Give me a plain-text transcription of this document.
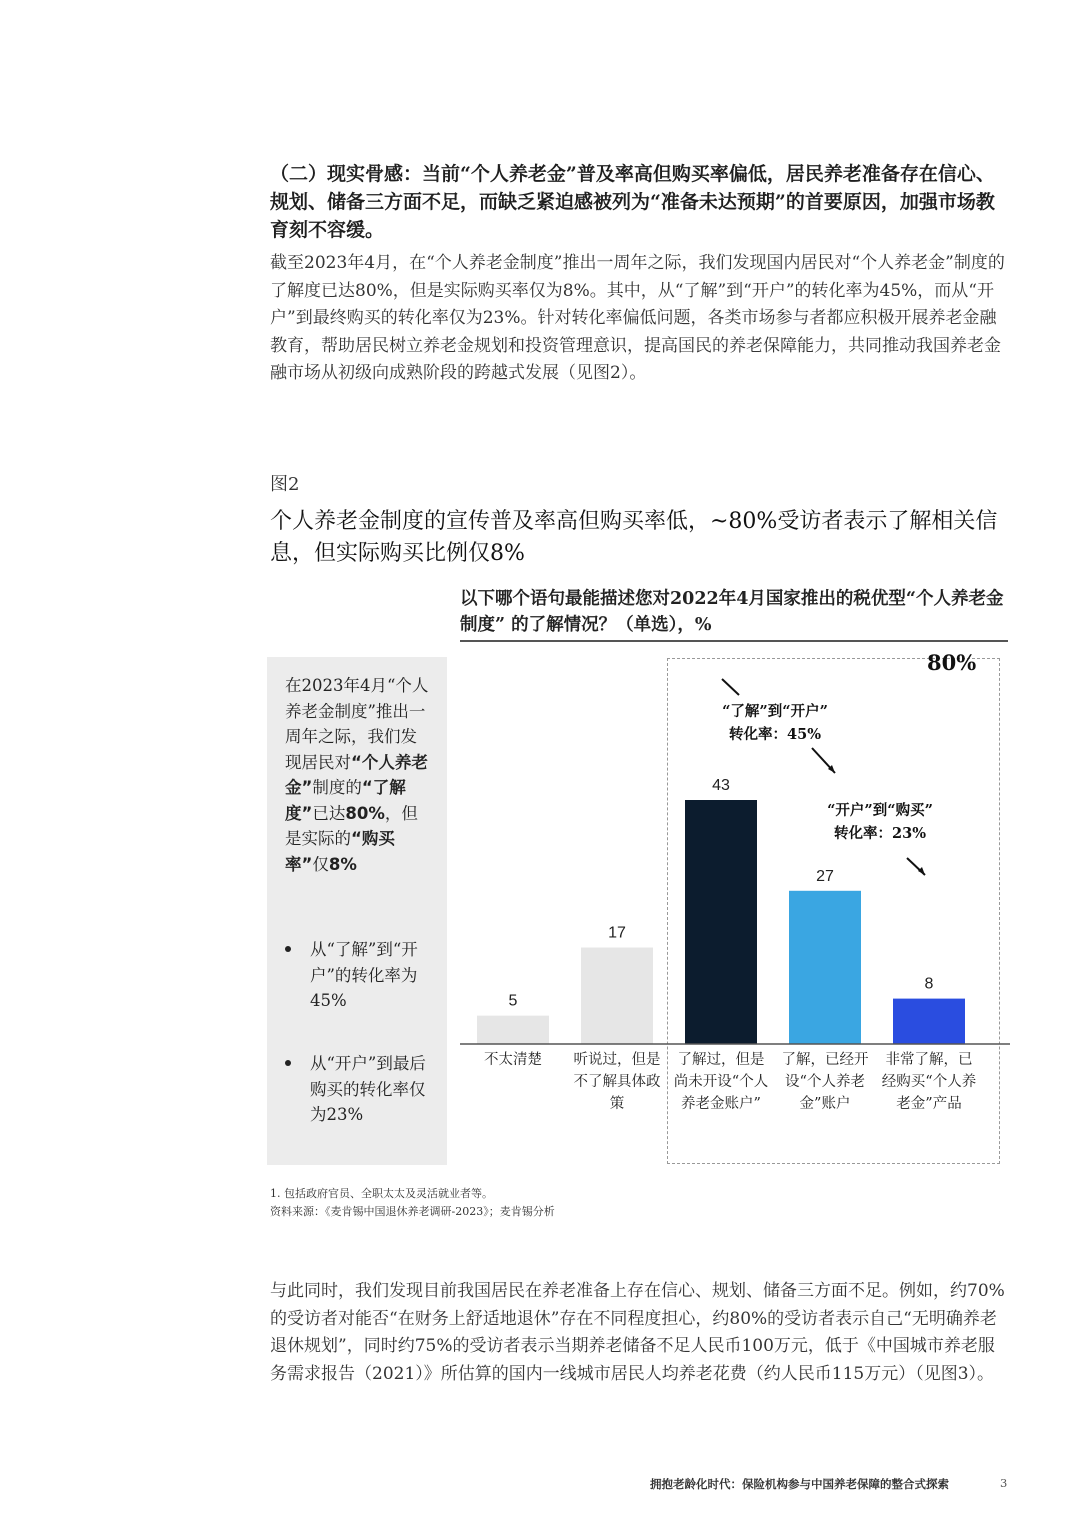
（二）现实骨感：当前“个人养老金”普及率高但购买率偏低，居民养老准备存在信心、规划、储备三方面不足，而缺乏紧迫感被列为“准备未达预期”的首要原因，加强市场教育刻不容缓。

截至2023年4月，在“个人养老金制度”推出一周年之际，我们发现国内居民对“个人养老金”制度的了解度已达80%，但是实际购买率仅为8%。其中，从“了解”到“开户”的转化率为45%，而从“开户”到最终购买的转化率仅为23%。针对转化率偏低问题，各类市场参与者都应积极开展养老金融教育，帮助居民树立养老金规划和投资管理意识，提高国民的养老保障能力，共同推动我国养老金融市场从初级向成熟阶段的跨越式发展（见图2）。

图2

个人养老金制度的宣传普及率高但购买率低，~80%受访者表示了解相关信息，但实际购买比例仅8%

以下哪个语句最能描述您对2022年4月国家推出的税优型“个人养老金制度” 的了解情况？（单选），%

在2023年4月“个人养老金制度”推出一周年之际，我们发现居民对“个人养老金”制度的“了解度”已达80%，但是实际的“购买率”仅8%
从“了解”到“开户”的转化率为45%
从“开户”到最后购买的转化率仅为23%
80%
5
17
43
27
8
不太清楚	听说过，但是不了解具体政策
了解过，但是尚未开设“个人养老金账户”
了解，已经开设“个人养老金”账户
非常了解，已经购买“个人养老金”产品
“了解”到“开户”
转化率：45%
“开户”到“购买”
转化率：23%
1. 包括政府官员、全职太太及灵活就业者等。
资料来源：《麦肯锡中国退休养老调研-2023》；麦肯锡分析

与此同时，我们发现目前我国居民在养老准备上存在信心、规划、储备三方面不足。例如，约70%的受访者对能否“在财务上舒适地退休”存在不同程度担心，约80%的受访者表示自己“无明确养老退休规划”，同时约75%的受访者表示当期养老储备不足人民币100万元，低于《中国城市养老服务需求报告（2021）》所估算的国内一线城市居民人均养老花费（约人民币115万元）（见图3）。

拥抱老龄化时代：保险机构参与中国养老保障的整合式探索	3
